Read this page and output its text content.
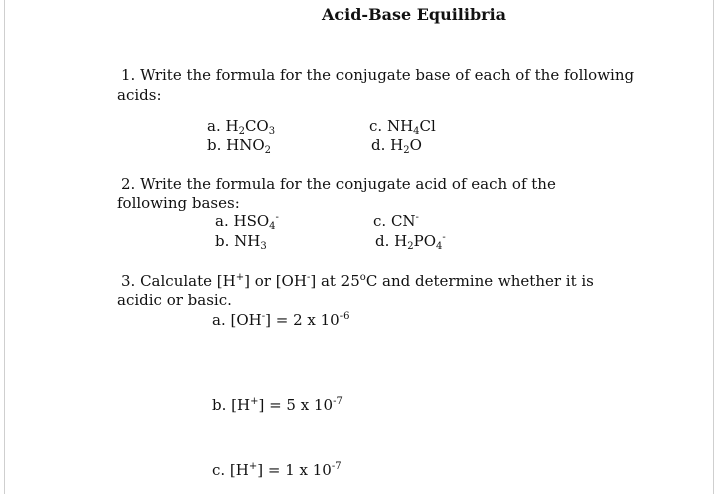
Acid-Base Equilibria
1. Write the formula for the conjugate base of each of the following
acids:
a. $H_2CO_3$	c. $NH_4Cl$
b. $HNO_2$	d. $H_2O$
2. Write the formula for the conjugate acid of each of the
following bases:
a. $HSO_4^-$	c. CN-
b. $NH_3$	d. $H_2PO_4^-$
3. Calculate [H+] or [OH-] at 25$^o$C and determine whether it is
acidic or basic.
a. [OH-] = 2 x $10^{-6}$
b. [H+] = 5 x $10^{-7}$
c. [H+] = 1 x $10^{-7}$
